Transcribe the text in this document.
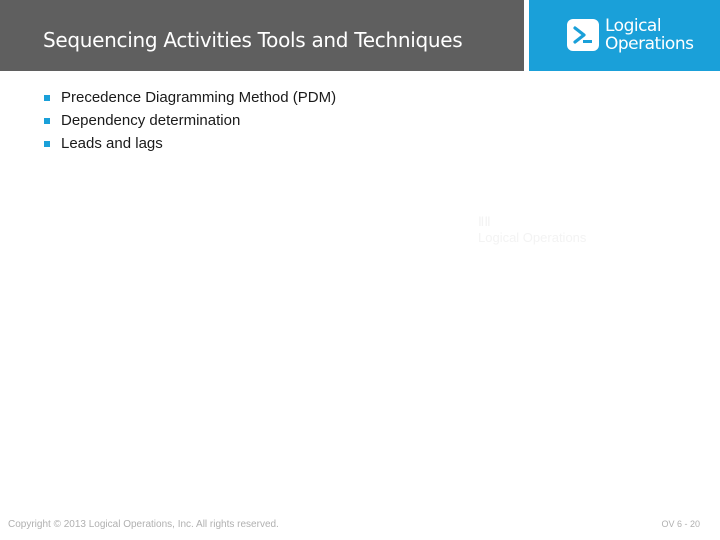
Sequencing Activities Tools and Techniques
Logical
Operations
Precedence Diagramming Method (PDM)
Dependency determination
Leads and lags
ⅡⅡ
Logical Operations
Copyright © 2013 Logical Operations, Inc. All rights reserved.	OV 6 - 20
